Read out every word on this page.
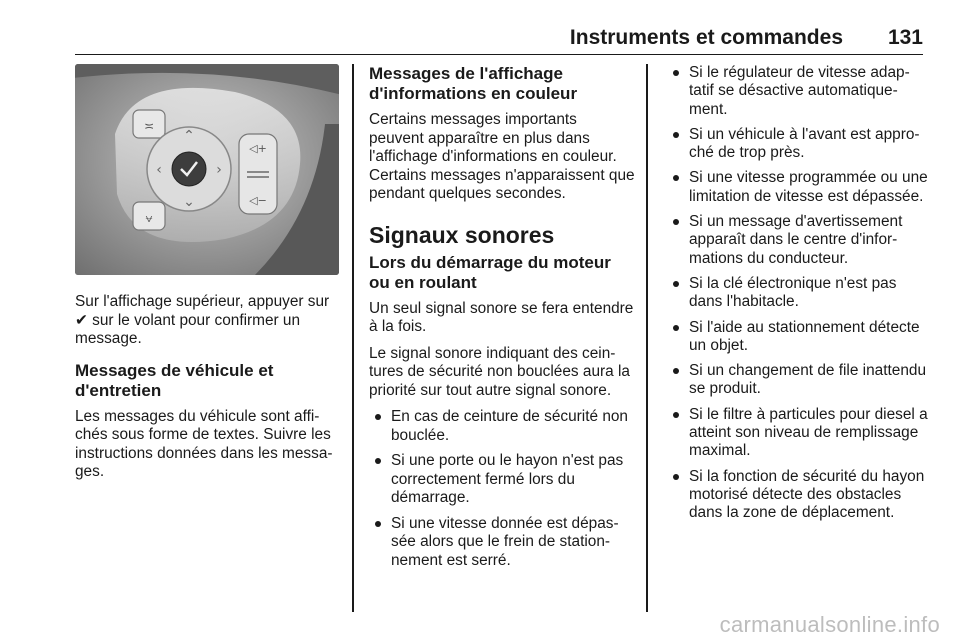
Instruments et commandes 131
≍
⩝
⌃
⌄
‹	›
◁+
◁−

Sur l'affichage supérieur, appuyer sur ✔ sur le volant pour confirmer un message.

Messages de véhicule et d'entretien

Les messages du véhicule sont affichés sous forme de textes. Suivre les instructions données dans les messages.

Messages de l'affichage d'informations en couleur

Certains messages importants peuvent apparaître en plus dans l'affichage d'informations en couleur. Certains messages n'apparaissent que pendant quelques secondes.

Signaux sonores
Lors du démarrage du moteur ou en roulant

Un seul signal sonore se fera entendre à la fois.

Le signal sonore indiquant des ceintures de sécurité non bouclées aura la priorité sur tout autre signal sonore.

En cas de ceinture de sécurité non bouclée.
Si une porte ou le hayon n'est pas correctement fermé lors du démarrage.
Si une vitesse donnée est dépassée alors que le frein de stationnement est serré.
Si le régulateur de vitesse adaptatif se désactive automatiquement.
Si un véhicule à l'avant est approché de trop près.
Si une vitesse programmée ou une limitation de vitesse est dépassée.
Si un message d'avertissement apparaît dans le centre d'informations du conducteur.
Si la clé électronique n'est pas dans l'habitacle.
Si l'aide au stationnement détecte un objet.
Si un changement de file inattendu se produit.
Si le filtre à particules pour diesel a atteint son niveau de remplissage maximal.
Si la fonction de sécurité du hayon motorisé détecte des obstacles dans la zone de déplacement.
carmanualsonline.info
